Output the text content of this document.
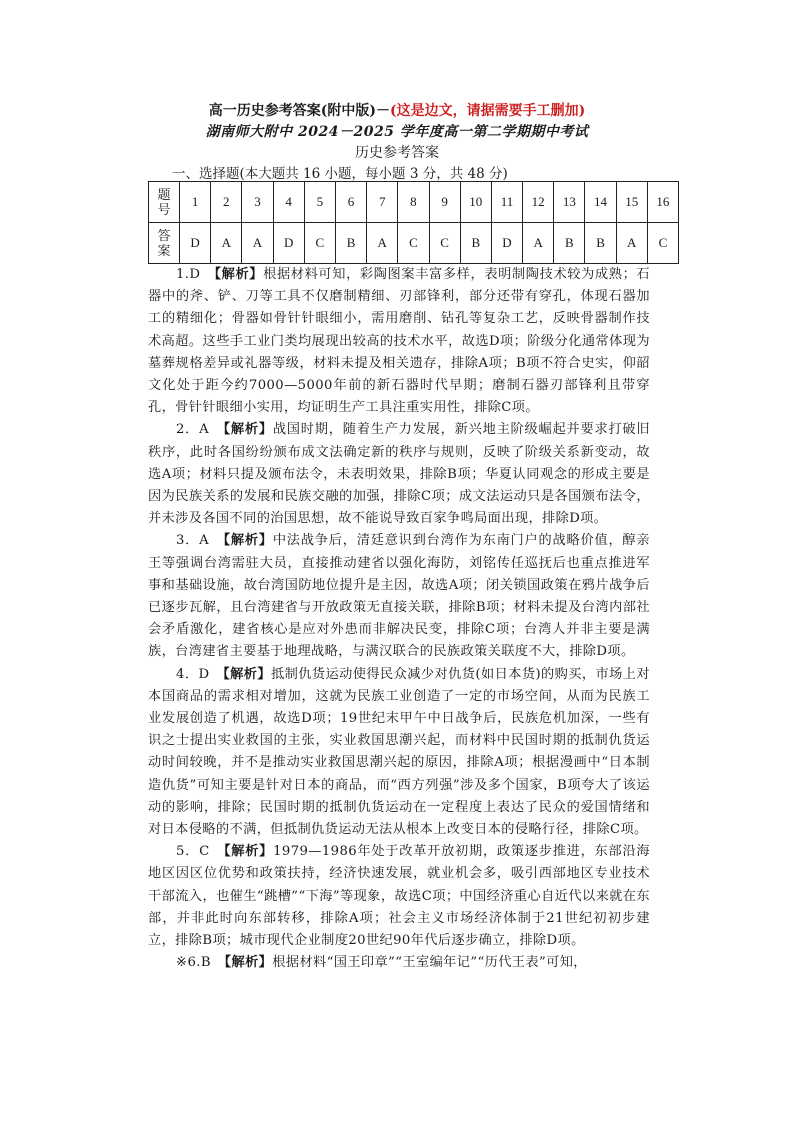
高一历史参考答案(附中版)－(这是边文，请据需要手工删加)
湖南师大附中 2024－2025 学年度高一第二学期期中考试
历史参考答案
一、选择题(本大题共 16 小题，每小题 3 分，共 48 分)
题
号	1	2	3	4	5	6	7	8	9	10	11	12	13	14	15	16
答
案	D	A	A	D	C	B	A	C	C	B	D	A	B	B	A	C

1.D　【解析】根据材料可知，彩陶图案丰富多样，表明制陶技术较为成熟；石器中的斧、铲、刀等工具不仅磨制精细、刃部锋利，部分还带有穿孔，体现石器加工的精细化；骨器如骨针针眼细小，需用磨削、钻孔等复杂工艺，反映骨器制作技术高超。这些手工业门类均展现出较高的技术水平，故选D项；阶级分化通常体现为墓葬规格差异或礼器等级，材料未提及相关遗存，排除A项；B项不符合史实，仰韶文化处于距今约7000—5000年前的新石器时代早期；磨制石器刃部锋利且带穿孔，骨针针眼细小实用，均证明生产工具注重实用性，排除C项。

2．A　【解析】战国时期，随着生产力发展，新兴地主阶级崛起并要求打破旧秩序，此时各国纷纷颁布成文法确定新的秩序与规则，反映了阶级关系新变动，故选A项；材料只提及颁布法令，未表明效果，排除B项；华夏认同观念的形成主要是因为民族关系的发展和民族交融的加强，排除C项；成文法运动只是各国颁布法令，并未涉及各国不同的治国思想，故不能说导致百家争鸣局面出现，排除D项。

3．A　【解析】中法战争后，清廷意识到台湾作为东南门户的战略价值，醇亲王等强调台湾需驻大员，直接推动建省以强化海防，刘铭传任巡抚后也重点推进军事和基础设施，故台湾国防地位提升是主因，故选A项；闭关锁国政策在鸦片战争后已逐步瓦解，且台湾建省与开放政策无直接关联，排除B项；材料未提及台湾内部社会矛盾激化，建省核心是应对外患而非解决民变，排除C项；台湾人并非主要是满族，台湾建省主要基于地理战略，与满汉联合的民族政策关联度不大，排除D项。

4．D　【解析】抵制仇货运动使得民众减少对仇货(如日本货)的购买，市场上对本国商品的需求相对增加，这就为民族工业创造了一定的市场空间，从而为民族工业发展创造了机遇，故选D项；19世纪末甲午中日战争后，民族危机加深，一些有识之士提出实业救国的主张，实业救国思潮兴起，而材料中民国时期的抵制仇货运动时间较晚，并不是推动实业救国思潮兴起的原因，排除A项；根据漫画中“日本制造仇货”可知主要是针对日本的商品，而“西方列强”涉及多个国家，B项夸大了该运动的影响，排除；民国时期的抵制仇货运动在一定程度上表达了民众的爱国情绪和对日本侵略的不满，但抵制仇货运动无法从根本上改变日本的侵略行径，排除C项。

5．C　【解析】1979—1986年处于改革开放初期，政策逐步推进，东部沿海地区因区位优势和政策扶持，经济快速发展，就业机会多，吸引西部地区专业技术干部流入，也催生“跳槽”“下海”等现象，故选C项；中国经济重心自近代以来就在东部，并非此时向东部转移，排除A项；社会主义市场经济体制于21世纪初初步建立，排除B项；城市现代企业制度20世纪90年代后逐步确立，排除D项。

※6.B　【解析】根据材料“国王印章”“王室编年记”“历代王表”可知，
